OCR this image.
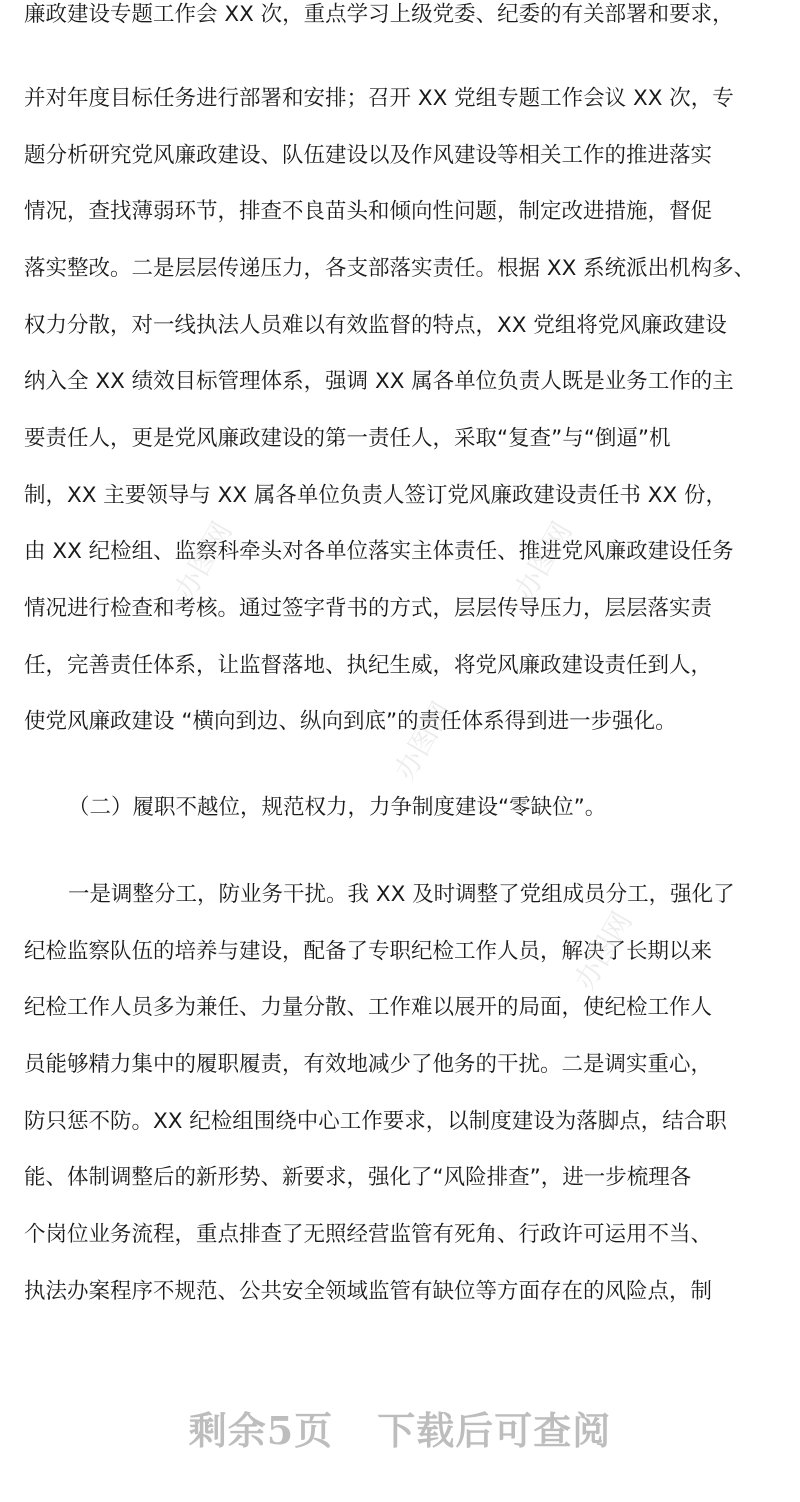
廉政建设专题工作会 XX 次，重点学习上级党委、纪委的有关部署和要求，
并对年度目标任务进行部署和安排；召开 XX 党组专题工作会议 XX 次，专
题分析研究党风廉政建设、队伍建设以及作风建设等相关工作的推进落实
情况，查找薄弱环节，排查不良苗头和倾向性问题，制定改进措施，督促
落实整改。二是层层传递压力，各支部落实责任。根据 XX 系统派出机构多、
权力分散，对一线执法人员难以有效监督的特点，XX 党组将党风廉政建设
纳入全 XX 绩效目标管理体系，强调 XX 属各单位负责人既是业务工作的主
要责任人，更是党风廉政建设的第一责任人，采取“复查”与“倒逼”机
制，XX 主要领导与 XX 属各单位负责人签订党风廉政建设责任书 XX 份，
由 XX 纪检组、监察科牵头对各单位落实主体责任、推进党风廉政建设任务
情况进行检查和考核。通过签字背书的方式，层层传导压力，层层落实责
任，完善责任体系，让监督落地、执纪生威，将党风廉政建设责任到人，
使党风廉政建设 “横向到边、纵向到底”的责任体系得到进一步强化。
（二）履职不越位，规范权力，力争制度建设“零缺位”。
一是调整分工，防业务干扰。我 XX 及时调整了党组成员分工，强化了
纪检监察队伍的培养与建设，配备了专职纪检工作人员，解决了长期以来
纪检工作人员多为兼任、力量分散、工作难以展开的局面，使纪检工作人
员能够精力集中的履职履责，有效地减少了他务的干扰。二是调实重心，
防只惩不防。XX 纪检组围绕中心工作要求，以制度建设为落脚点，结合职
能、体制调整后的新形势、新要求，强化了“风险排查”，进一步梳理各
个岗位业务流程，重点排查了无照经营监管有死角、行政许可运用不当、
执法办案程序不规范、公共安全领域监管有缺位等方面存在的风险点，制
办图网	办图网
办图网
办图网
剩余5页 下载后可查阅
